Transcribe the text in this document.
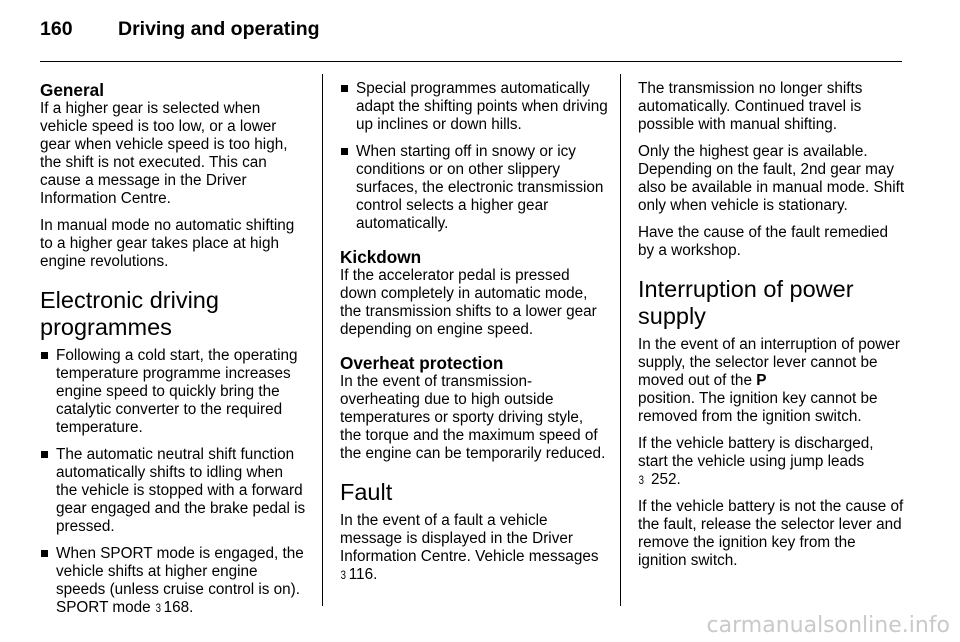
160 Driving and operating
General

If a higher gear is selected when vehicle speed is too low, or a lower gear when vehicle speed is too high, the shift is not executed. This can cause a message in the Driver Information Centre.

In manual mode no automatic shifting to a higher gear takes place at high engine revolutions.

Electronic driving programmes
Following a cold start, the operating temperature programme increases engine speed to quickly bring the catalytic converter to the required temperature.
The automatic neutral shift function automatically shifts to idling when the vehicle is stopped with a forward gear engaged and the brake pedal is pressed.
When SPORT mode is engaged, the vehicle shifts at higher engine speeds (unless cruise control is on). SPORT mode 3 168.
Special programmes automatically adapt the shifting points when driving up inclines or down hills.
When starting off in snowy or icy conditions or on other slippery surfaces, the electronic transmission control selects a higher gear automatically.
Kickdown

If the accelerator pedal is pressed down completely in automatic mode, the transmission shifts to a lower gear depending on engine speed.

Overheat protection

In the event of transmission-overheating due to high outside temperatures or sporty driving style, the torque and the maximum speed of the engine can be temporarily reduced.

Fault

In the event of a fault a vehicle message is displayed in the Driver Information Centre. Vehicle messages 3 116.

The transmission no longer shifts automatically. Continued travel is possible with manual shifting.

Only the highest gear is available. Depending on the fault, 2nd gear may also be available in manual mode. Shift only when vehicle is stationary.

Have the cause of the fault remedied by a workshop.

Interruption of power supply

In the event of an interruption of power supply, the selector lever cannot be moved out of the P
position. The ignition key cannot be removed from the ignition switch.

If the vehicle battery is discharged, start the vehicle using jump leads
3 252.

If the vehicle battery is not the cause of the fault, release the selector lever and remove the ignition key from the ignition switch.

carmanualsonline.info
